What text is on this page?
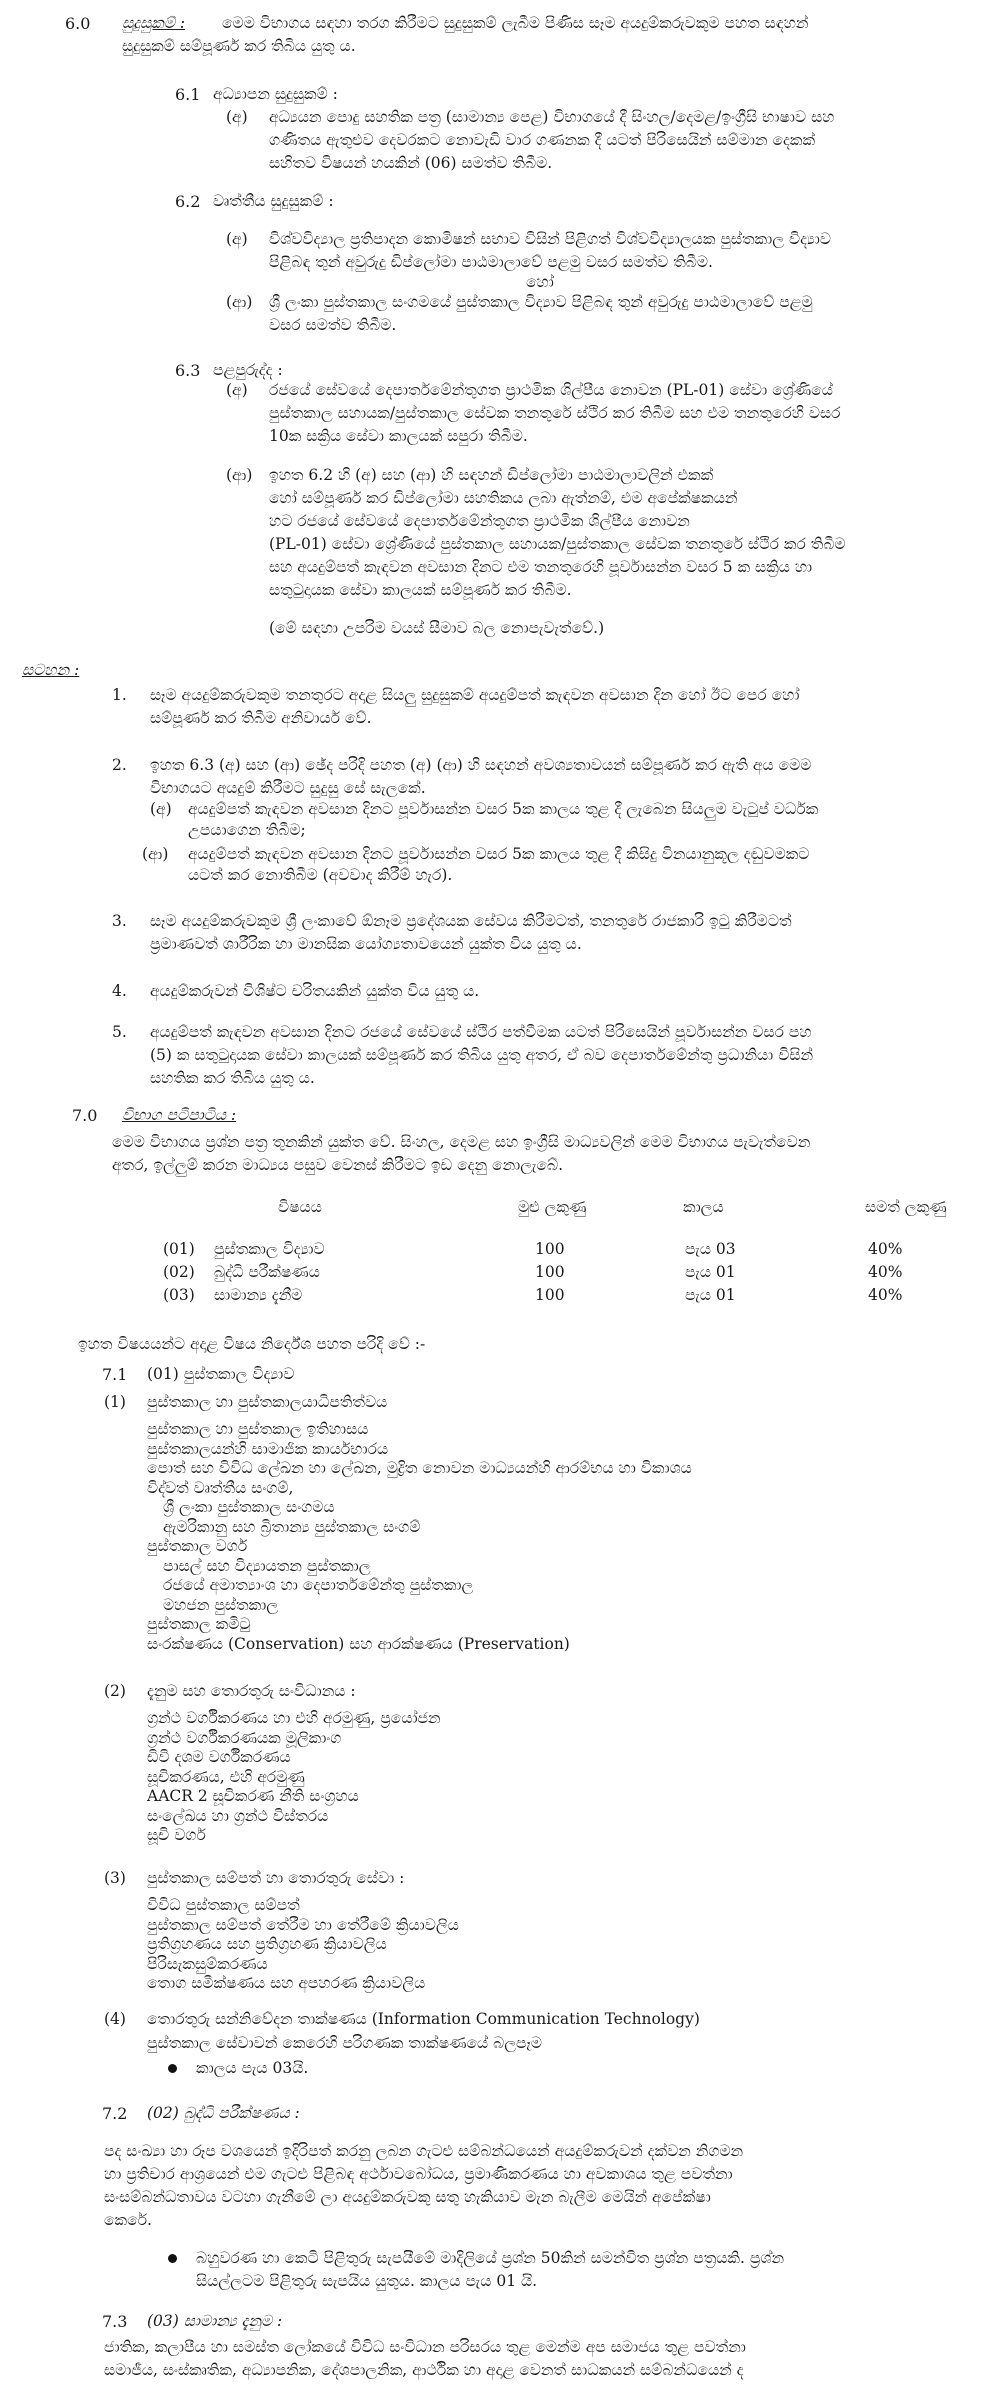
6.0 සුදුසුකම් : මෙම විභාගය සඳහා තරග කිරීමට සුදුසුකම් ලැබීම පිණිස සෑම අයදුම්කරුවකුම පහත සඳහන්
සුදුසුකම් සම්පූර්ණ කර තිබිය යුතු ය.
6.1 අධ්‍යාපන සුදුසුකම් :
(අ) අධ්‍යයන පොදු සහතික පත්‍ර (සාමාන්‍ය පෙළ) විභාගයේ දී සිංහල/දෙමළ/ඉංග්‍රීසි භාෂාව සහ
ගණිතය ඇතුළුව දෙවරකට නොවැඩි වාර ගණනක දී යටත් පිරිසෙයින් සම්මාන දෙකක්
සහිතව විෂයන් හයකින් (06) සමත්ව තිබීම.
6.2 වෘත්තීය සුදුසුකම් :
(අ) විශ්වවිද්‍යාල ප්‍රතිපාදන කොමිෂන් සභාව විසින් පිළිගත් විශ්වවිද්‍යාලයක පුස්තකාල විද්‍යාව
පිළිබඳ තුන් අවුරුදු ඩිප්ලෝමා පාඨමාලාවේ පළමු වසර සමත්ව තිබීම.
හෝ
(ආ) ශ්‍රී ලංකා පුස්තකාල සංගමයේ පුස්තකාල විද්‍යාව පිළිබඳ තුන් අවුරුදු පාඨමාලාවේ පළමු
වසර සමත්ව තිබීම.
6.3 පළපුරුද්ද :
(අ) රජයේ සේවයේ දෙපාර්තමේන්තුගත ප්‍රාථමික ශිල්පීය නොවන (PL-01) සේවා ශ්‍රේණියේ
පුස්තකාල සහායක/පුස්තකාල සේවක තනතුරේ ස්ථිර කර තිබීම සහ එම තනතුරෙහි වසර
10ක සක්‍රිය සේවා කාලයක් සපුරා තිබීම.
(ආ) ඉහත 6.2 හි (අ) සහ (ආ) හි සඳහන් ඩිප්ලෝමා පාඨමාලාවලින් එකක්
හෝ සම්පූර්ණ කර ඩිප්ලෝමා සහතිකය ලබා ඇත්නම්, එම අපේක්ෂකයන්
හට රජයේ සේවයේ දෙපාර්තමේන්තුගත ප්‍රාථමික ශිල්පීය නොවන
(PL-01) සේවා ශ්‍රේණියේ පුස්තකාල සහායක/පුස්තකාල සේවක තනතුරේ ස්ථිර කර තිබීම
සහ අයදුම්පත් කැඳවන අවසාන දිනට එම තනතුරෙහි පූර්වාසන්න වසර 5 ක සක්‍රිය හා
සතුටුදායක සේවා කාලයක් සම්පූර්ණ කර තිබීම.
(මේ සඳහා උපරිම වයස් සීමාව බල නොපැවැත්වේ.)
සටහන :
1. සෑම අයදුම්කරුවකුම තනතුරට අදාළ සියලු සුදුසුකම් අයදුම්පත් කැඳවන අවසාන දින හෝ ඊට පෙර හෝ
සම්පූර්ණ කර තිබීම අනිවාර්ය වේ.
2. ඉහත 6.3 (අ) සහ (ආ) ඡේද පරිදි පහත (අ) (ආ) හි සඳහන් අවශ්‍යතාවයන් සම්පූර්ණ කර ඇති අය මෙම
විභාගයට අයදුම් කිරීමට සුදුසු සේ සැලකේ.
(අ) අයදුම්පත් කැඳවන අවසාන දිනට පූර්වාසන්න වසර 5ක කාලය තුළ දී ලැබෙන සියලුම වැටුප් වර්ධක
උපයාගෙන තිබීම;
(ආ) අයදුම්පත් කැඳවන අවසාන දිනට පූර්වාසන්න වසර 5ක කාලය තුළ දී කිසිදු විනයානුකූල දඬුවමකට
යටත් කර නොතිබීම (අවවාද කිරීම් හැර).
3. සෑම අයදුම්කරුවකුම ශ්‍රී ලංකාවේ ඕනෑම ප්‍රදේශයක සේවය කිරීමටත්, තනතුරේ රාජකාරි ඉටු කිරීමටත්
ප්‍රමාණවත් ශාරීරික හා මානසික යෝග්‍යතාවයෙන් යුක්ත විය යුතු ය.
4. අයදුම්කරුවන් විශිෂ්ට චරිතයකින් යුක්ත විය යුතු ය.
5. අයදුම්පත් කැඳවන අවසාන දිනට රජයේ සේවයේ ස්ථිර පත්වීමක යටත් පිරිසෙයින් පූර්වාසන්න වසර පහ
(5) ක සතුටුදායක සේවා කාලයක් සම්පූර්ණ කර තිබිය යුතු අතර, ඒ බව දෙපාර්තමේන්තු ප්‍රධානියා විසින්
සහතික කර තිබිය යුතු ය.
7.0 විභාග පටිපාටිය :
මෙම විභාගය ප්‍රශ්න පත්‍ර තුනකින් යුක්ත වේ. සිංහල, දෙමළ සහ ඉංග්‍රීසි මාධ්‍යවලින් මෙම විභාගය පැවැත්වෙන
අතර, ඉල්ලුම් කරන මාධ්‍යය පසුව වෙනස් කිරීමට ඉඩ දෙනු නොලැබේ.
විෂයය	මුළු ලකුණු	කාලය	සමත් ලකුණු
(01) පුස්තකාල විද්‍යාව	100	පැය 03	40%
(02) බුද්ධි පරීක්ෂණය	100	පැය 01	40%
(03) සාමාන්‍ය දැනීම	100	පැය 01	40%
ඉහත විෂයයන්ට අදාළ විෂය නිර්දේශ පහත පරිදි වේ :-
7.1 (01) පුස්තකාල විද්‍යාව
(1) පුස්තකාල හා පුස්තකාලයාධිපතිත්වය
පුස්තකාල හා පුස්තකාල ඉතිහාසය
පුස්තකාලයන්හි සාමාජික කාර්යභාරය
පොත් සහ විවිධ ලේඛන හා ලේඛන, මුද්‍රිත නොවන මාධ්‍යයන්හි ආරම්භය හා විකාශය
විද්වත් වෘත්තීය සංගම්,
ශ්‍රී ලංකා පුස්තකාල සංගමය
ඇමරිකානු සහ බ්‍රිතාන්‍ය පුස්තකාල සංගම්
පුස්තකාල වර්ග
පාසල් සහ විද්‍යායතන පුස්තකාල
රජයේ අමාත්‍යාංශ හා දෙපාර්තමේන්තු පුස්තකාල
මහජන පුස්තකාල
පුස්තකාල කමිටු
සංරක්ෂණය (Conservation) සහ ආරක්ෂණය (Preservation)
(2) දැනුම සහ තොරතුරු සංවිධානය :
ග්‍රන්ථ වර්ගීකරණය හා එහි අරමුණු, ප්‍රයෝජන
ග්‍රන්ථ වර්ගීකරණයක මූලිකාංග
ඩිවි දශම වර්ගීකරණය
සූචිකරණය, එහි අරමුණු
AACR 2 සූචිකරණ නීති සංග්‍රහය
සංලේඛය හා ග්‍රන්ථ විස්තරය
සූචි වර්ග
(3) පුස්තකාල සම්පත් හා තොරතුරු සේවා :
විවිධ පුස්තකාල සම්පත්
පුස්තකාල සම්පත් තේරීම හා තේරීමේ ක්‍රියාවලිය
ප්‍රතිග්‍රහණය සහ ප්‍රතිග්‍රහණ ක්‍රියාවලිය
පිරිසැකසුම්කරණය
තොග සමීක්ෂණය සහ අපහරණ ක්‍රියාවලිය
(4) තොරතුරු සන්නිවේදන තාක්ෂණය (Information Communication Technology)
පුස්තකාල සේවාවන් කෙරෙහි පරිගණක තාක්ෂණයේ බලපෑම
කාලය පැය 03යි.
7.2 (02) බුද්ධි පරීක්ෂණය :
පද සංඛ්‍යා හා රූප වශයෙන් ඉදිරිපත් කරනු ලබන ගැටළු සම්බන්ධයෙන් අයදුම්කරුවන් දක්වන නිගමන
හා ප්‍රතිචාර ආශ්‍රයෙන් එම ගැටළු පිළිබඳ අර්ථාවබෝධය, ප්‍රමාණිකරණය හා අවකාශය තුළ පවත්නා
සංසම්බන්ධතාවය වටහා ගැනීමේ ලා අයදුම්කරුවකු සතු හැකියාව මැන බැලීම මෙයින් අපේක්ෂා
කෙරේ.
බහුවරණ හා කෙටි පිළිතුරු සැපයීමේ මාදිලියේ ප්‍රශ්න 50කින් සමන්විත ප්‍රශ්න පත්‍රයකි. ප්‍රශ්න
සියල්ලටම පිළිතුරු සැපයිය යුතුය. කාලය පැය 01 යි.
7.3 (03) සාමාන්‍ය දැනුම :
ජාතික, කලාපීය හා සමස්ත ලෝකයේ විවිධ සංවිධාන පරිසරය තුළ මෙන්ම අප සමාජය තුළ පවත්නා
සමාජීය, සංස්කෘතික, අධ්‍යාපනික, දේශපාලනික, ආර්ථික හා අදාළ වෙනත් සාධකයන් සම්බන්ධයෙන් ද
